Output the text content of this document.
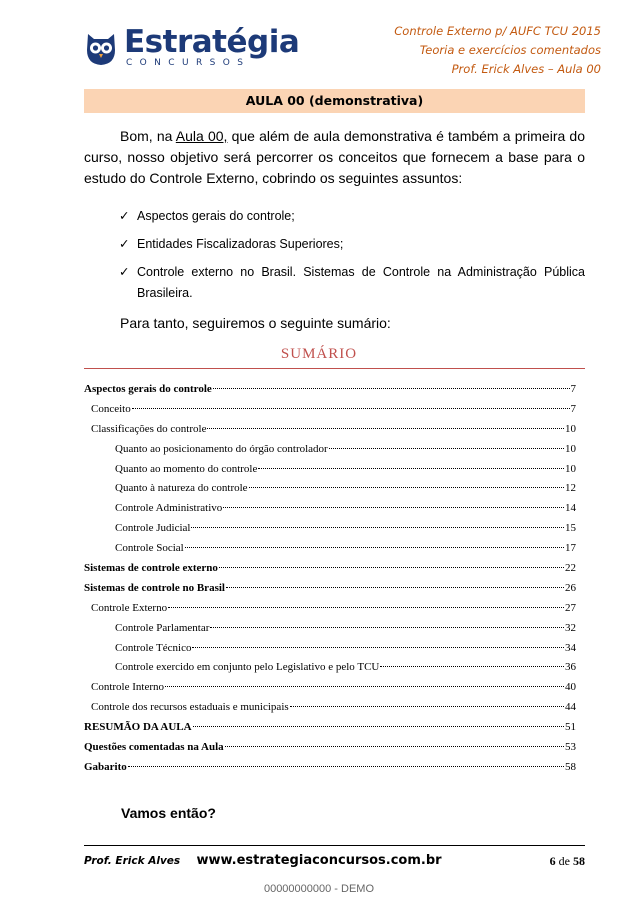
Estratégia
CONCURSOS
Controle Externo p/ AUFC TCU 2015
Teoria e exercícios comentados
Prof. Erick Alves – Aula 00
AULA 00 (demonstrativa)

Bom, na Aula 00, que além de aula demonstrativa é também a primeira do curso, nosso objetivo será percorrer os conceitos que fornecem a base para o estudo do Controle Externo, cobrindo os seguintes assuntos:

✓ Aspectos gerais do controle;
✓ Entidades Fiscalizadoras Superiores;
✓ Controle externo no Brasil. Sistemas de Controle na Administração Pública Brasileira.
Para tanto, seguiremos o seguinte sumário:
SUMÁRIO
Aspectos gerais do controle	7
Conceito	7
Classificações do controle	10
Quanto ao posicionamento do órgão controlador	10
Quanto ao momento do controle	10
Quanto à natureza do controle	12
Controle Administrativo	14
Controle Judicial	15
Controle Social	17
Sistemas de controle externo	22
Sistemas de controle no Brasil	26
Controle Externo	27
Controle Parlamentar	32
Controle Técnico	34
Controle exercido em conjunto pelo Legislativo e pelo TCU	36
Controle Interno	40
Controle dos recursos estaduais e municipais	44
RESUMÃO DA AULA	51
Questões comentadas na Aula	53
Gabarito	58
Vamos então?
Prof. Erick Alves	www.estrategiaconcursos.com.br	6 de 58
00000000000 - DEMO
